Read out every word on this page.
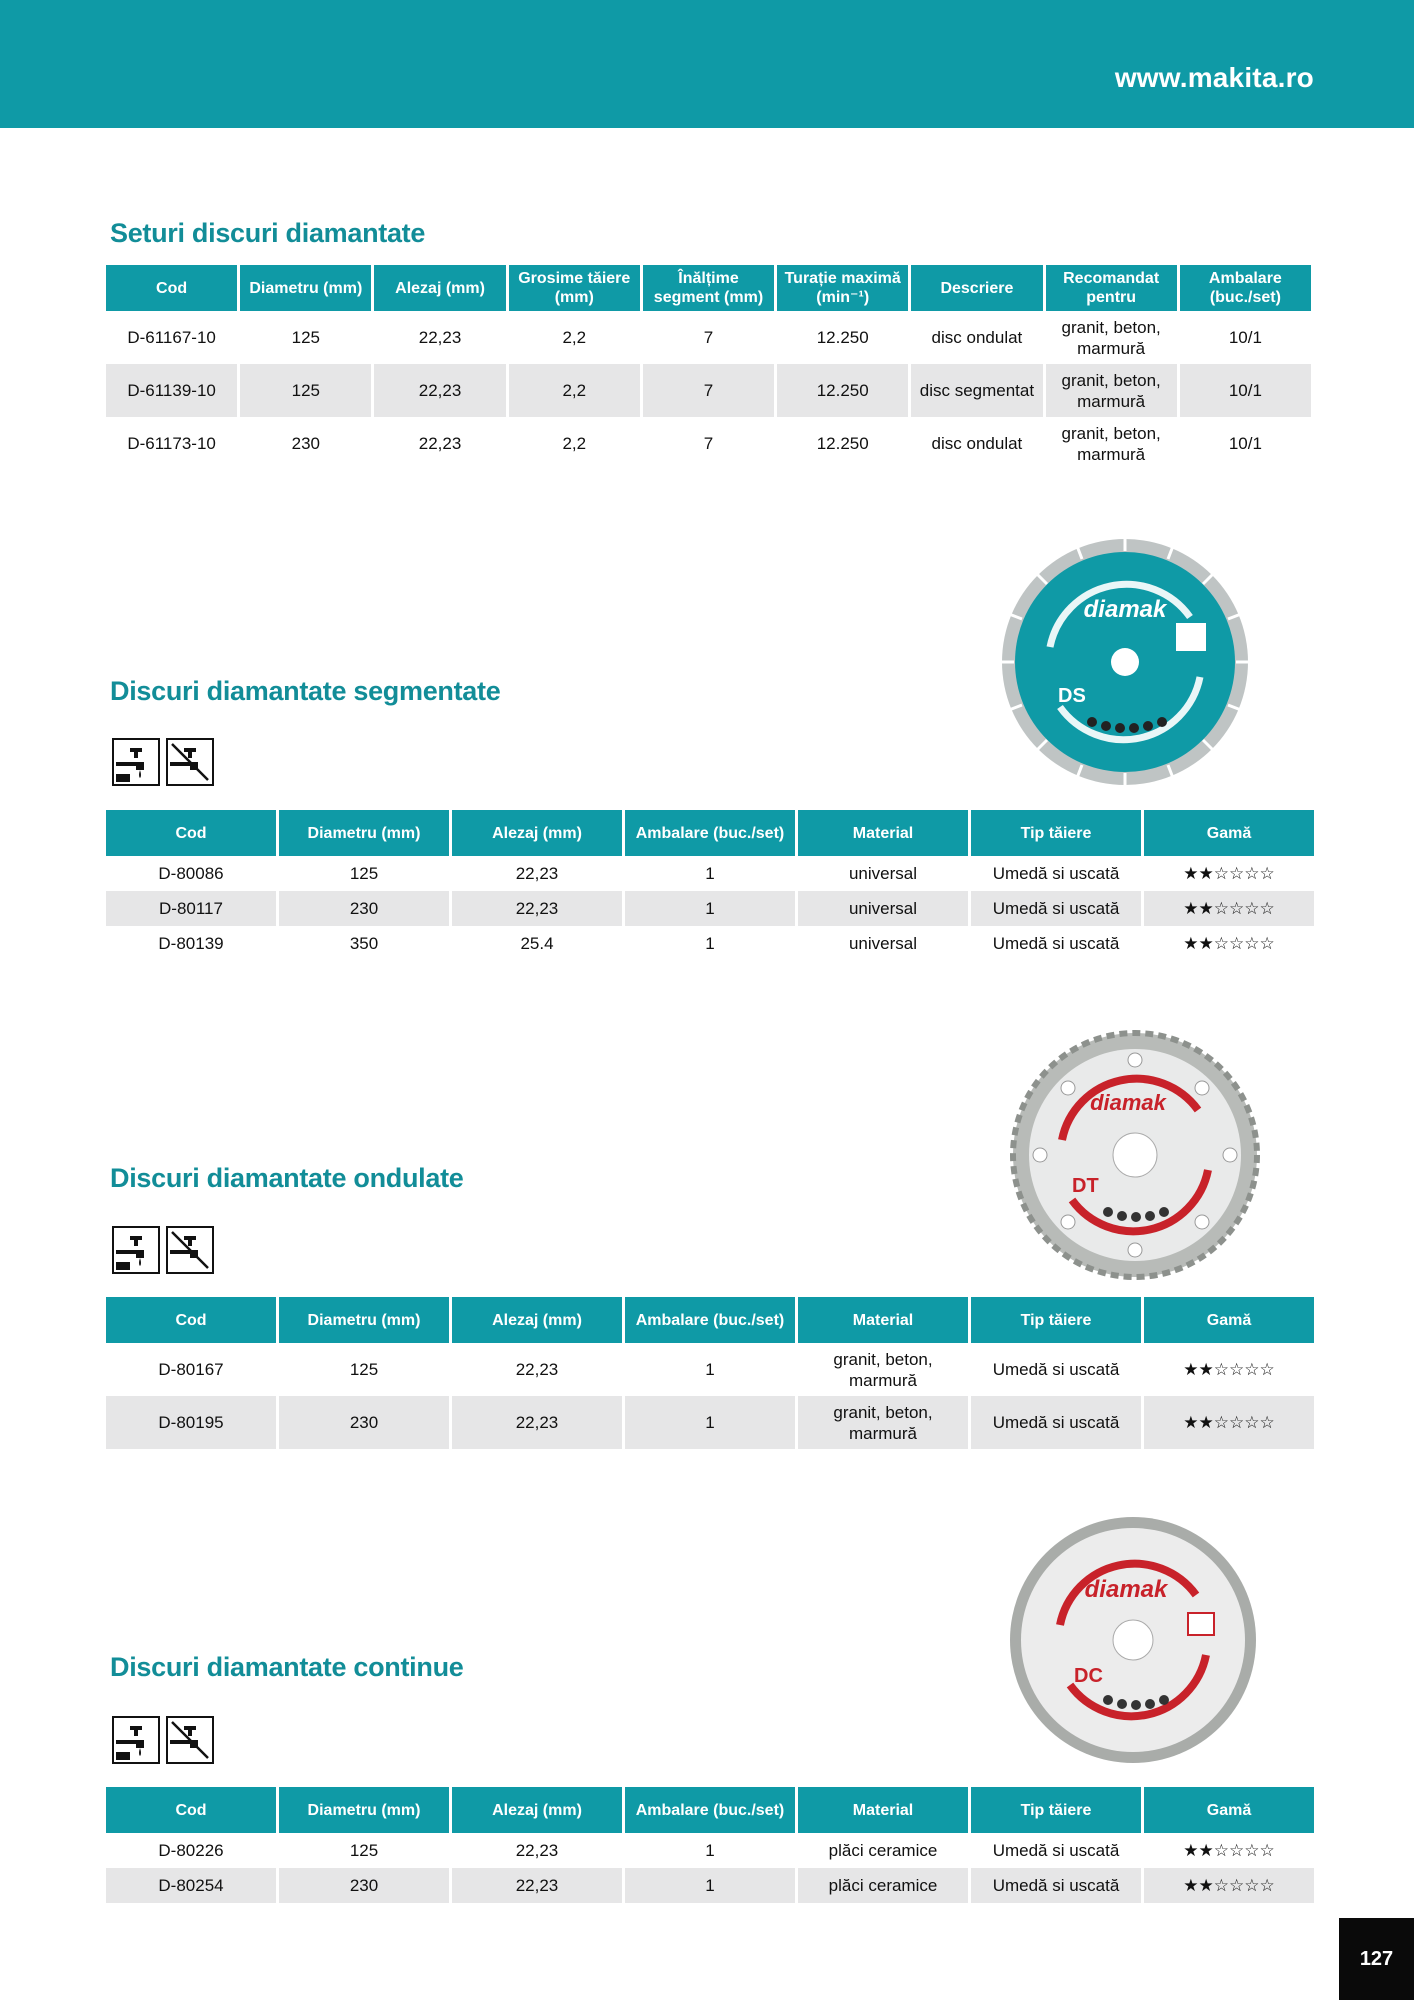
www.makita.ro
Seturi discuri diamantate
Cod	Diametru (mm)	Alezaj (mm)	Grosime tăiere (mm)	Înălțime segment (mm)	Turație maximă (min⁻¹)	Descriere	Recomandat pentru	Ambalare (buc./set)
D-61167-10	125	22,23	2,2	7	12.250	disc ondulat	granit, beton, marmură	10/1
D-61139-10	125	22,23	2,2	7	12.250	disc segmentat	granit, beton, marmură	10/1
D-61173-10	230	22,23	2,2	7	12.250	disc ondulat	granit, beton, marmură	10/1
Discuri diamantate segmentate
diamak
DS
Cod	Diametru (mm)	Alezaj (mm)	Ambalare (buc./set)	Material	Tip tăiere	Gamă
D-80086	125	22,23	1	universal	Umedă si uscată	★★☆☆☆☆
D-80117	230	22,23	1	universal	Umedă si uscată	★★☆☆☆☆
D-80139	350	25.4	1	universal	Umedă si uscată	★★☆☆☆☆
Discuri diamantate ondulate
diamak
DT
Cod	Diametru (mm)	Alezaj (mm)	Ambalare (buc./set)	Material	Tip tăiere	Gamă
D-80167	125	22,23	1	granit, beton, marmură	Umedă si uscată	★★☆☆☆☆
D-80195	230	22,23	1	granit, beton, marmură	Umedă si uscată	★★☆☆☆☆
Discuri diamantate continue
diamak
DC
Cod	Diametru (mm)	Alezaj (mm)	Ambalare (buc./set)	Material	Tip tăiere	Gamă
D-80226	125	22,23	1	plăci ceramice	Umedă si uscată	★★☆☆☆☆
D-80254	230	22,23	1	plăci ceramice	Umedă si uscată	★★☆☆☆☆
127
